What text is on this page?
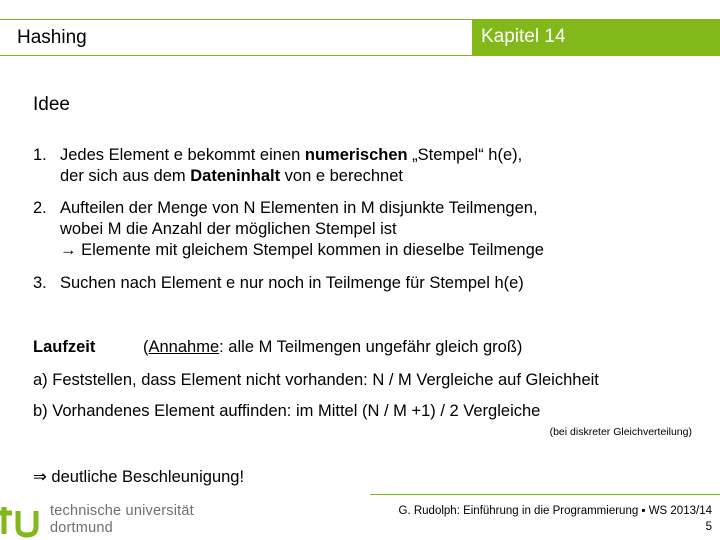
Hashing	Kapitel 14
Idee
1. Jedes Element e bekommt einen numerischen „Stempel“ h(e),
der sich aus dem Dateninhalt von e berechnet
2. Aufteilen der Menge von N Elementen in M disjunkte Teilmengen,
wobei M die Anzahl der möglichen Stempel ist
→ Elemente mit gleichem Stempel kommen in dieselbe Teilmenge
3. Suchen nach Element e nur noch in Teilmenge für Stempel h(e)
Laufzeit	(Annahme: alle M Teilmengen ungefähr gleich groß)
a) Feststellen, dass Element nicht vorhanden: N / M Vergleiche auf Gleichheit
b) Vorhandenes Element auffinden: im Mittel (N / M +1) / 2 Vergleiche
(bei diskreter Gleichverteilung)
⇒ deutliche Beschleunigung!
G. Rudolph: Einführung in die Programmierung ▪ WS 2013/14
5
technische universität
dortmund
